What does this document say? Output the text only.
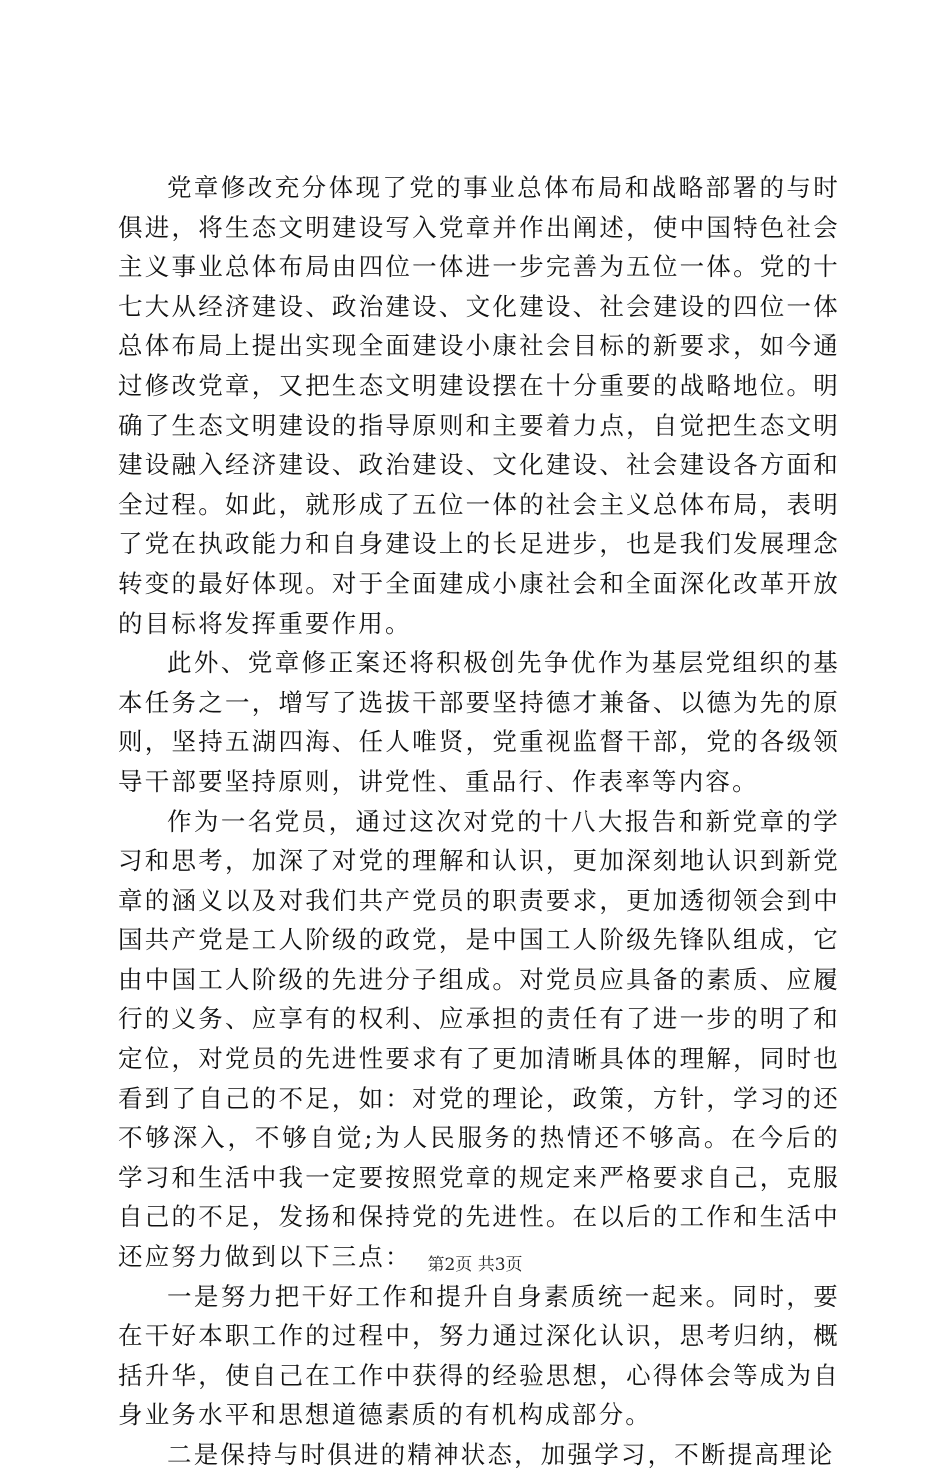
党章修改充分体现了党的事业总体布局和战略部署的与时俱进，将生态文明建设写入党章并作出阐述，使中国特色社会主义事业总体布局由四位一体进一步完善为五位一体。党的十七大从经济建设、政治建设、文化建设、社会建设的四位一体总体布局上提出实现全面建设小康社会目标的新要求，如今通过修改党章，又把生态文明建设摆在十分重要的战略地位。明确了生态文明建设的指导原则和主要着力点，自觉把生态文明建设融入经济建设、政治建设、文化建设、社会建设各方面和全过程。如此，就形成了五位一体的社会主义总体布局，表明了党在执政能力和自身建设上的长足进步，也是我们发展理念转变的最好体现。对于全面建成小康社会和全面深化改革开放的目标将发挥重要作用。

此外、党章修正案还将积极创先争优作为基层党组织的基本任务之一，增写了选拔干部要坚持德才兼备、以德为先的原则，坚持五湖四海、任人唯贤，党重视监督干部，党的各级领导干部要坚持原则，讲党性、重品行、作表率等内容。

作为一名党员，通过这次对党的十八大报告和新党章的学习和思考，加深了对党的理解和认识，更加深刻地认识到新党章的涵义以及对我们共产党员的职责要求，更加透彻领会到中国共产党是工人阶级的政党，是中国工人阶级先锋队组成，它由中国工人阶级的先进分子组成。对党员应具备的素质、应履行的义务、应享有的权利、应承担的责任有了进一步的明了和定位，对党员的先进性要求有了更加清晰具体的理解，同时也看到了自己的不足，如：对党的理论，政策，方针，学习的还不够深入，不够自觉;为人民服务的热情还不够高。在今后的学习和生活中我一定要按照党章的规定来严格要求自己，克服自己的不足，发扬和保持党的先进性。在以后的工作和生活中还应努力做到以下三点：

一是努力把干好工作和提升自身素质统一起来。同时，要在干好本职工作的过程中，努力通过深化认识，思考归纳，概括升华，使自己在工作中获得的经验思想，心得体会等成为自身业务水平和思想道德素质的有机构成部分。

二是保持与时俱进的精神状态，加强学习，不断提高理论

第2页 共3页
